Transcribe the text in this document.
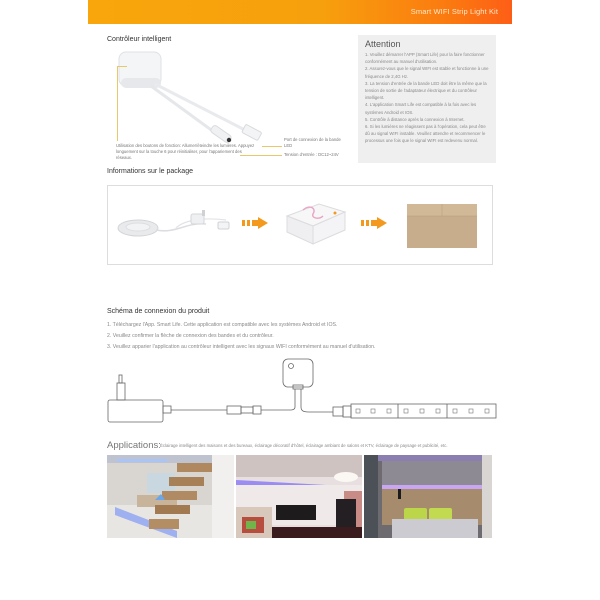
Smart WIFI Strip Light Kit
Contrôleur intelligent
Utilisation des boutons de fonction: Allumer/éteindre les lumières. Appuyez longuement sur la touche 6 pour réinitialiser, pour l'appariement des réseaux.
Port de connexion de la bande LED
Tension d'entrée : DC12~24V
Attention
1. Veuillez démarrer l'APP (Smart Life) pour la faire fonctionner conformément au manuel d'utilisation.
2. Assurez-vous que le signal WIFI est stable et fonctionne à une fréquence de 2,4G Hz.
3. La tension d'entrée de la bande LED doit être la même que la tension de sortie de l'adaptateur électrique et du contrôleur intelligent.
4. L'application Smart Life est compatible à la fois avec les systèmes Android et IOS.
5. Contrôle à distance après la connexion à Internet.
6. Si les lumières ne réagissent pas à l'opération, cela peut être dû au signal WIFI instable. Veuillez attendre et recommencer le processus une fois que le signal WIFI est redevenu normal.
Informations sur le package
Schéma de connexion du produit
1. Téléchargez l'App. Smart Life. Cette application est compatible avec les systèmes Android et IOS.
2. Veuillez confirmer la flèche de connexion des bandes et du contrôleur.
3. Veuillez apparier l'application au contrôleur intelligent avec les signaux WIFI conformément au manuel d'utilisation.
Applications: Éclairage intelligent des maisons et des bureaux, éclairage décoratif d'hôtel, éclairage ambiant de salons et KTV, éclairage de paysage et publicité, etc.
